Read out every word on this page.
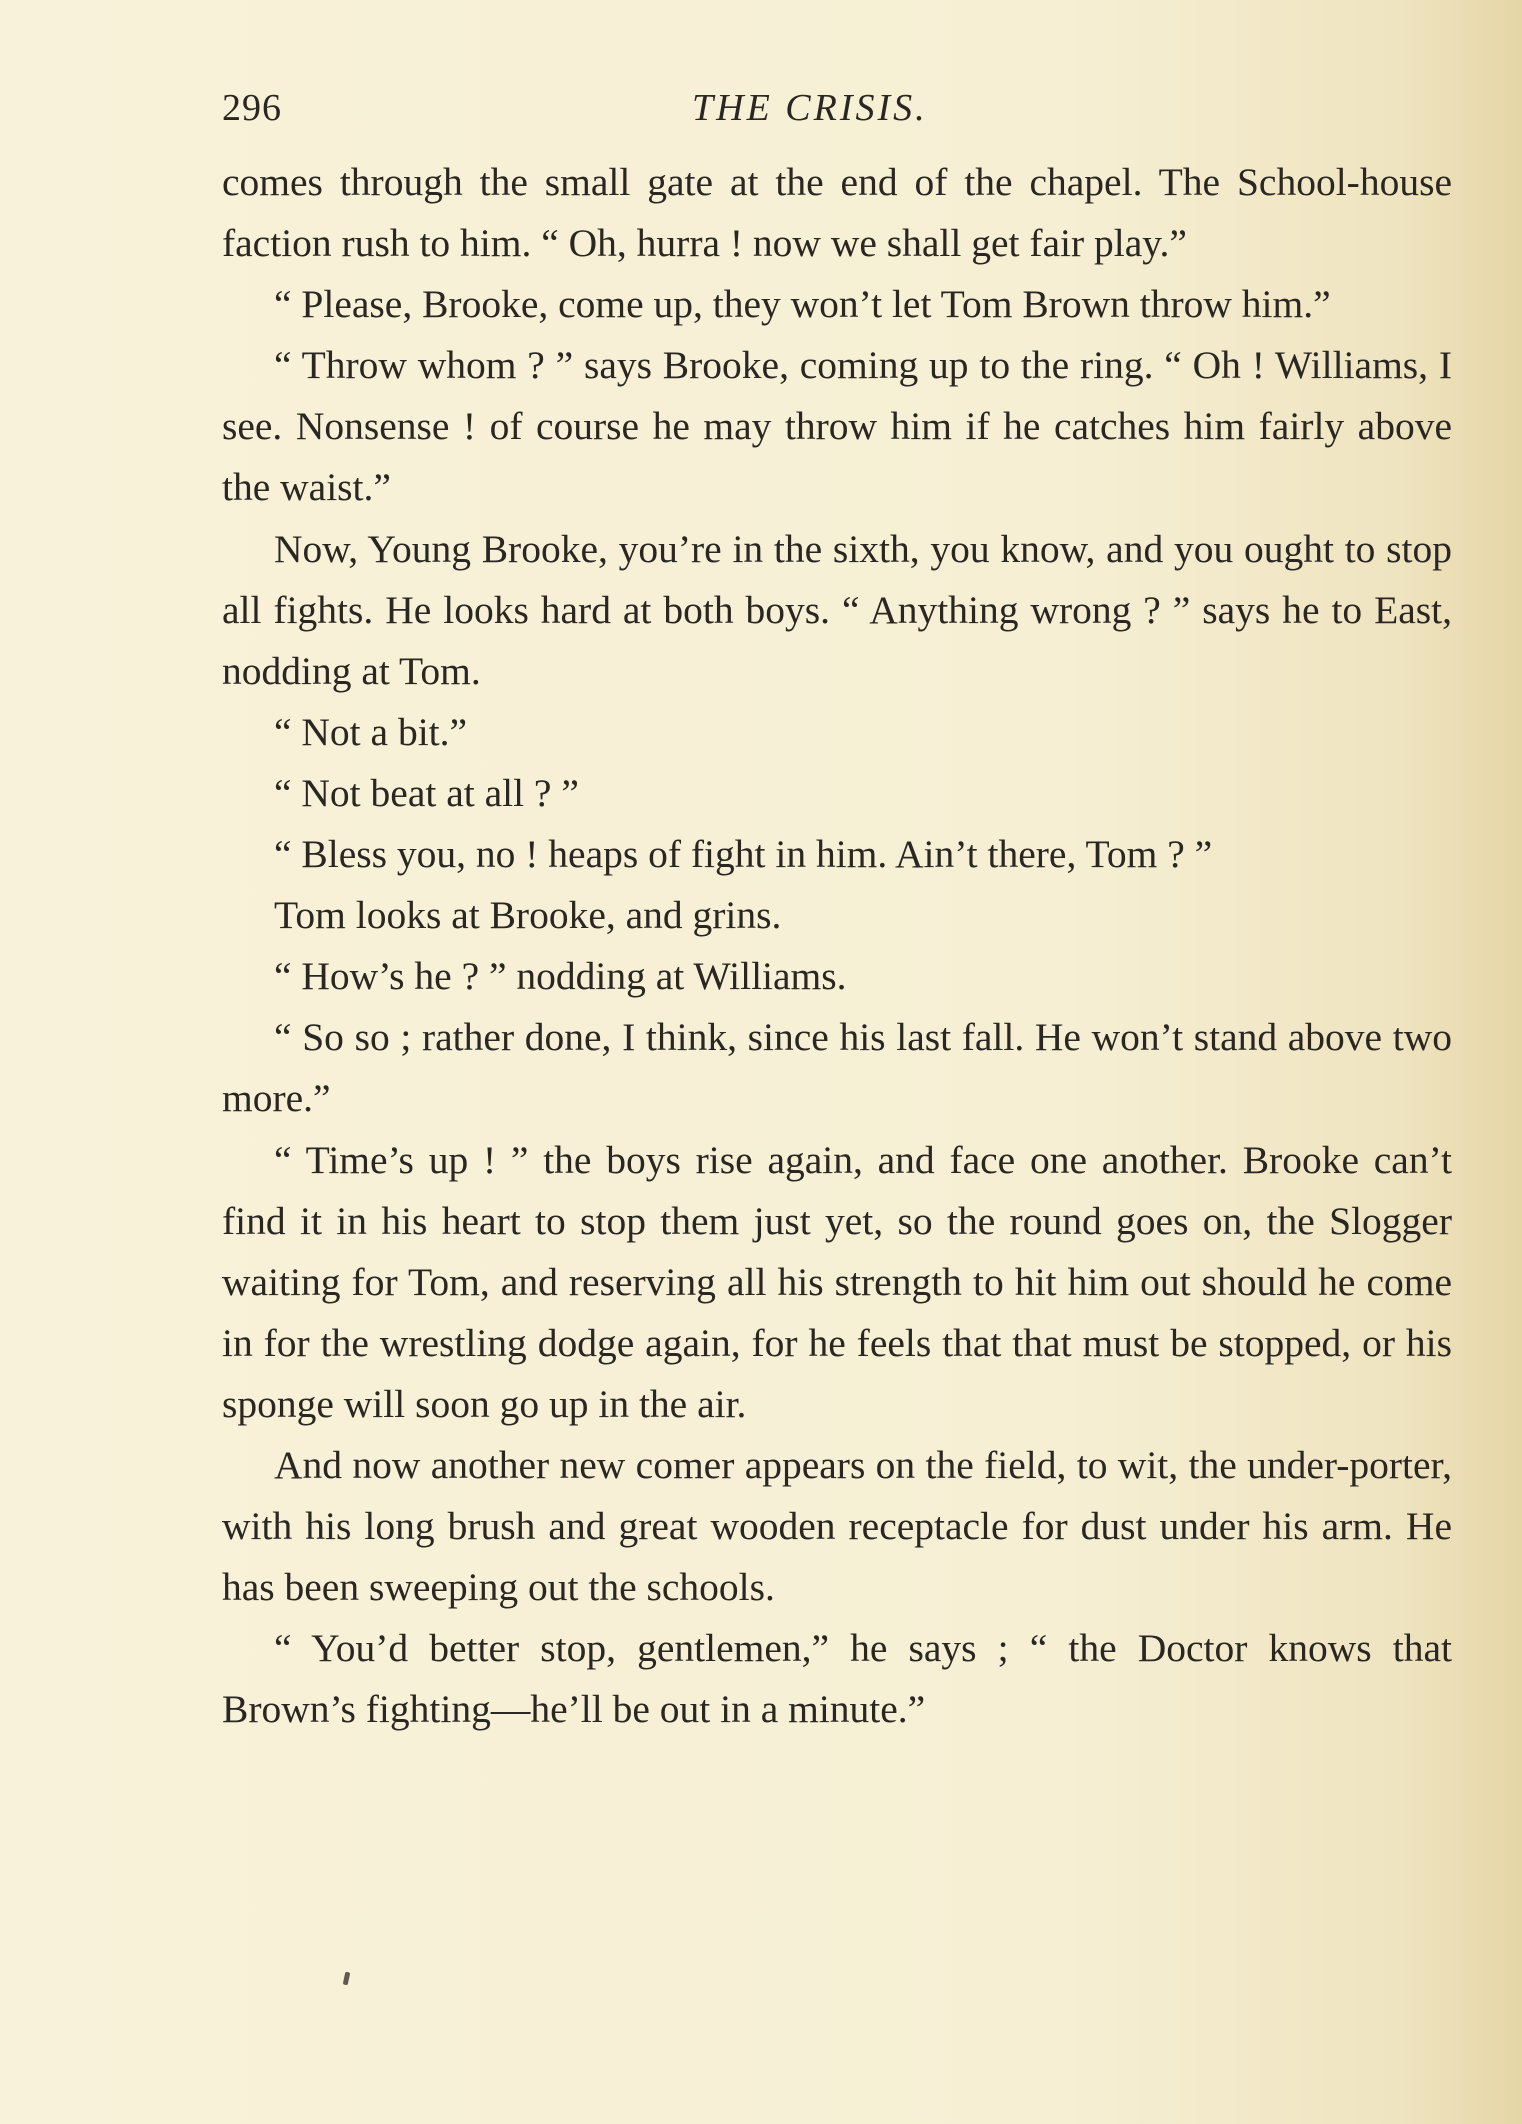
296	THE CRISIS.

comes through the small gate at the end of the chapel. The School-house faction rush to him. “ Oh, hurra ! now we shall get fair play.”

“ Please, Brooke, come up, they won’t let Tom Brown throw him.”

“ Throw whom ? ” says Brooke, coming up to the ring. “ Oh ! Williams, I see. Nonsense ! of course he may throw him if he catches him fairly above the waist.”

Now, Young Brooke, you’re in the sixth, you know, and you ought to stop all fights. He looks hard at both boys. “ Anything wrong ? ” says he to East, nodding at Tom.

“ Not a bit.”

“ Not beat at all ? ”

“ Bless you, no ! heaps of fight in him. Ain’t there, Tom ? ”

Tom looks at Brooke, and grins.

“ How’s he ? ” nodding at Williams.

“ So so ; rather done, I think, since his last fall. He won’t stand above two more.”

“ Time’s up ! ” the boys rise again, and face one another. Brooke can’t find it in his heart to stop them just yet, so the round goes on, the Slogger waiting for Tom, and reserving all his strength to hit him out should he come in for the wrestling dodge again, for he feels that that must be stopped, or his sponge will soon go up in the air.

And now another new comer appears on the field, to wit, the under-porter, with his long brush and great wooden receptacle for dust under his arm. He has been sweeping out the schools.

“ You’d better stop, gentlemen,” he says ; “ the Doctor knows that Brown’s fighting—he’ll be out in a minute.”
